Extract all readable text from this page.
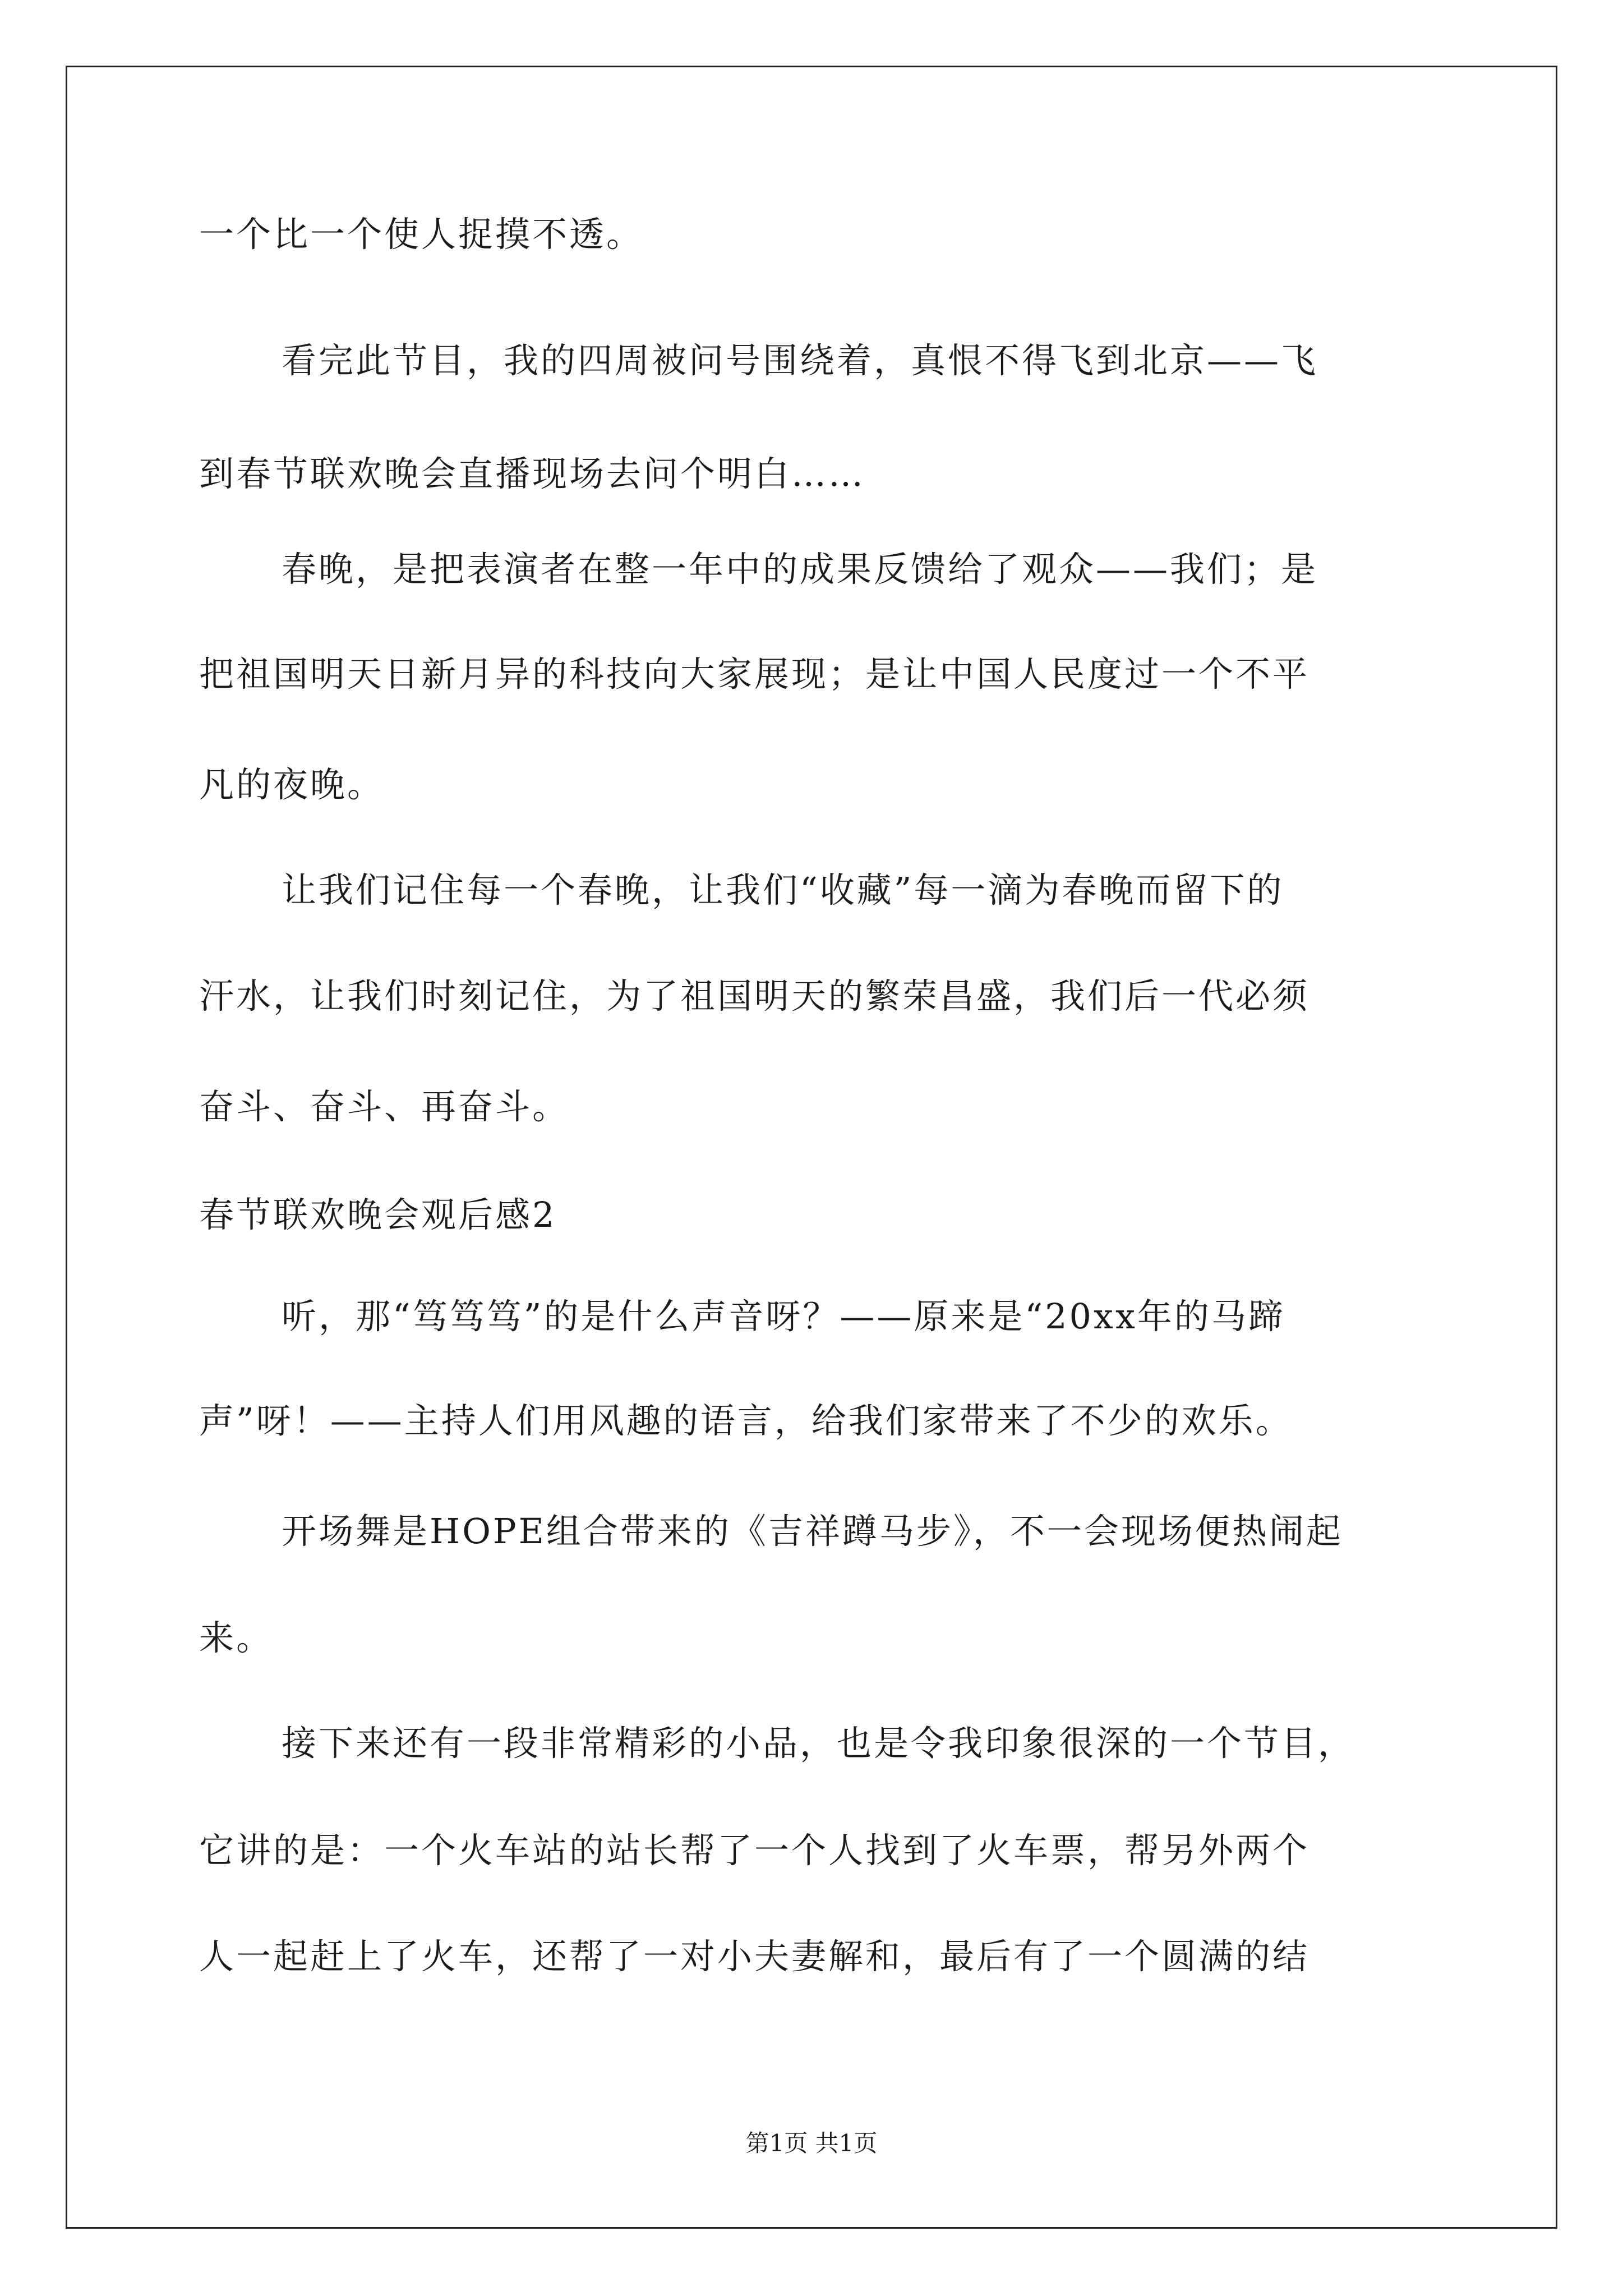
一个比一个使人捉摸不透。
看完此节目，我的四周被问号围绕着，真恨不得飞到北京——飞
到春节联欢晚会直播现场去问个明白……
春晚，是把表演者在整一年中的成果反馈给了观众——我们；是
把祖国明天日新月异的科技向大家展现；是让中国人民度过一个不平
凡的夜晚。
让我们记住每一个春晚，让我们“收藏”每一滴为春晚而留下的
汗水，让我们时刻记住，为了祖国明天的繁荣昌盛，我们后一代必须
奋斗、奋斗、再奋斗。
春节联欢晚会观后感2
听，那“笃笃笃”的是什么声音呀？——原来是“20xx年的马蹄
声”呀！——主持人们用风趣的语言，给我们家带来了不少的欢乐。
开场舞是HOPE组合带来的《吉祥蹲马步》，不一会现场便热闹起
来。
接下来还有一段非常精彩的小品，也是令我印象很深的一个节目，
它讲的是：一个火车站的站长帮了一个人找到了火车票，帮另外两个
人一起赶上了火车，还帮了一对小夫妻解和，最后有了一个圆满的结
第1页 共1页
